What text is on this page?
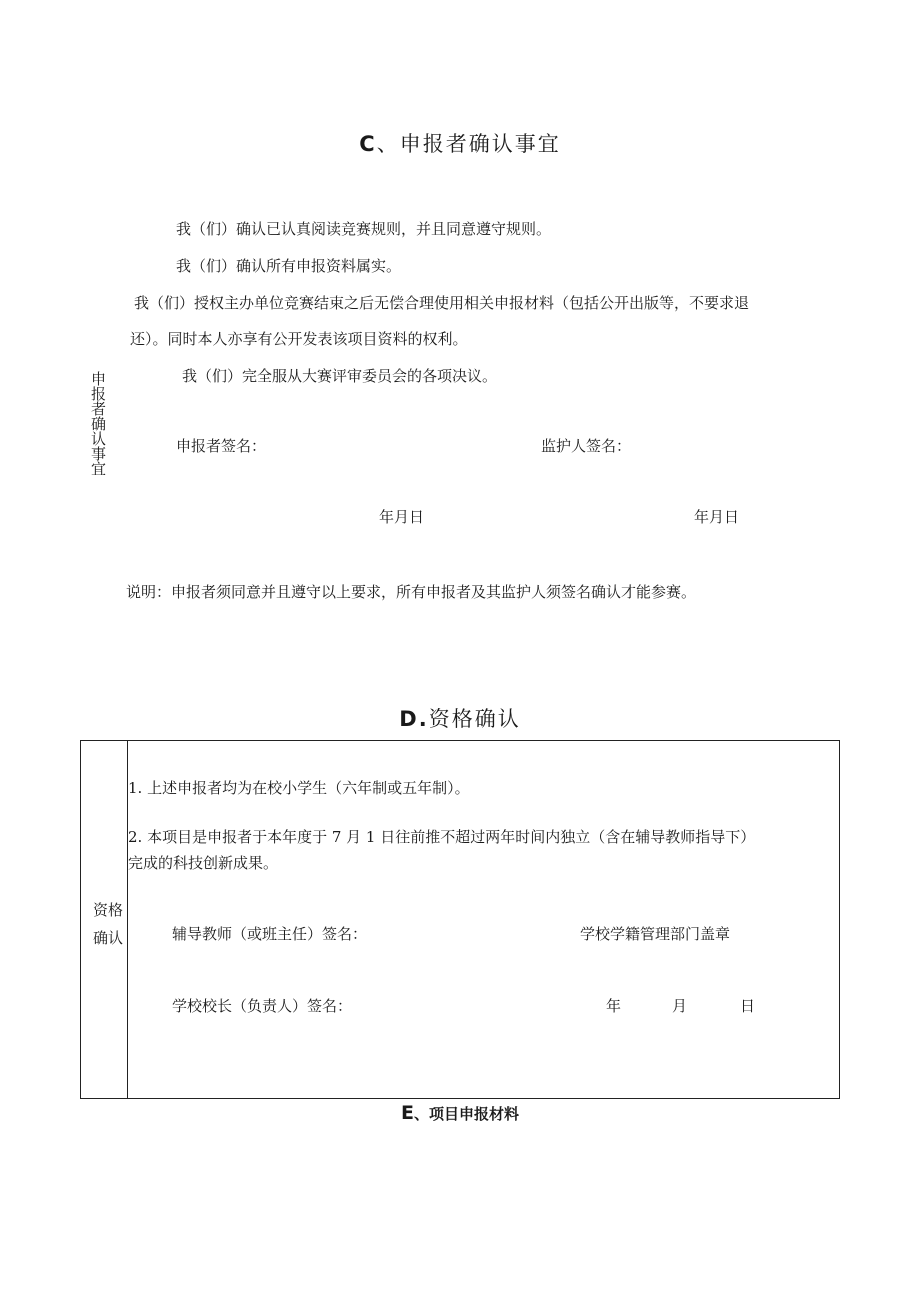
C、申报者确认事宜
申报者确认事宜
我（们）确认已认真阅读竞赛规则，并且同意遵守规则。
我（们）确认所有申报资料属实。
我（们）授权主办单位竞赛结束之后无偿合理使用相关申报材料（包括公开出版等，不要求退
还）。同时本人亦享有公开发表该项目资料的权利。
我（们）完全服从大赛评审委员会的各项决议。
申报者签名：	监护人签名：
年月日	年月日
说明：申报者须同意并且遵守以上要求，所有申报者及其监护人须签名确认才能参赛。
D.资格确认
资格确认
1. 上述申报者均为在校小学生（六年制或五年制）。
2. 本项目是申报者于本年度于 7 月 1 日往前推不超过两年时间内独立（含在辅导教师指导下）
完成的科技创新成果。
辅导教师（或班主任）签名：	学校学籍管理部门盖章
学校校长（负责人）签名：	年	月	日
E、项目申报材料
